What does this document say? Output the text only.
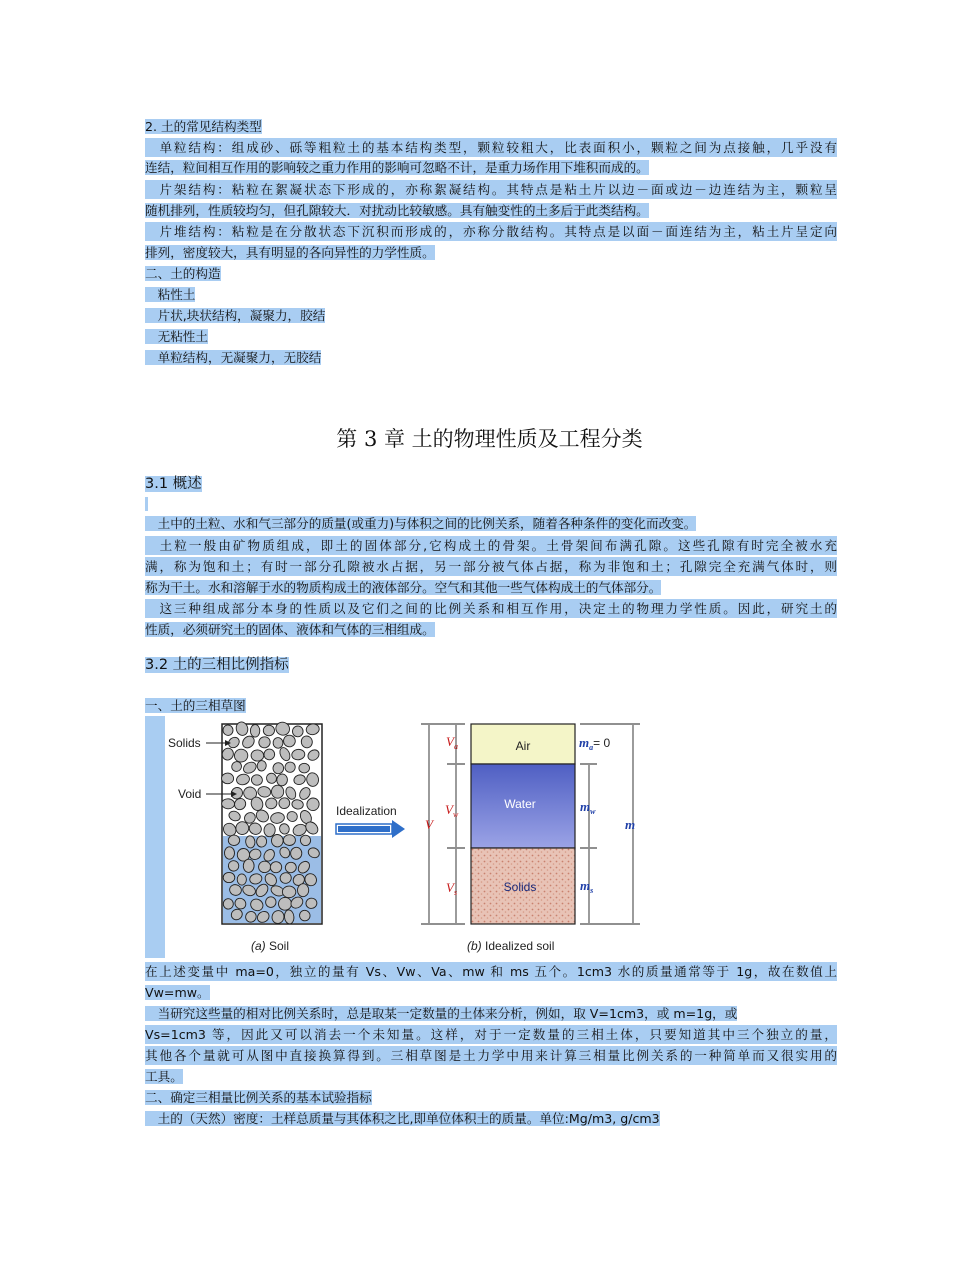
2. 土的常见结构类型
　单粒结构：组成砂、砾等粗粒土的基本结构类型，颗粒较粗大，比表面积小，颗粒之间为点接触，几乎没有
连结，粒间相互作用的影响较之重力作用的影响可忽略不计，是重力场作用下堆积而成的。
　片架结构：粘粒在絮凝状态下形成的，亦称絮凝结构。其特点是粘土片以边－面或边－边连结为主，颗粒呈
随机排列，性质较均匀，但孔隙较大．对扰动比较敏感。具有触变性的土多后于此类结构。
　片堆结构：粘粒是在分散状态下沉积而形成的，亦称分散结构。其特点是以面－面连结为主，粘土片呈定向
排列，密度较大，具有明显的各向异性的力学性质。
二、土的构造
　粘性土
　片状,块状结构，凝聚力，胶结
　无粘性土
　单粒结构，无凝聚力，无胶结
第 3 章 土的物理性质及工程分类
3.1 概述
　土中的土粒、水和气三部分的质量(或重力)与体积之间的比例关系，随着各种条件的变化而改变。
　土粒一般由矿物质组成，即土的固体部分,它构成土的骨架。土骨架间布满孔隙。这些孔隙有时完全被水充
满，称为饱和土；有时一部分孔隙被水占据，另一部分被气体占据，称为非饱和土；孔隙完全充满气体时，则
称为干土。水和溶解于水的物质构成土的液体部分。空气和其他一些气体构成土的气体部分。
　这三种组成部分本身的性质以及它们之间的比例关系和相互作用，决定土的物理力学性质。因此，研究土的
性质，必须研究土的固体、液体和气体的三相组成。
3.2 土的三相比例指标
一、土的三相草图
Solids
Void
Idealization
Air
Water
Solids
$V_a$
$V_w$
$V_s$
V
$m_a= 0$
$m_w$
$m_s$
m
(a) Soil	(b) Idealized soil
在上述变量中 ma=0，独立的量有 Vs、Vw、Va、mw 和 ms 五个。1cm3 水的质量通常等于 1g，故在数值上
Vw=mw。
　当研究这些量的相对比例关系时，总是取某一定数量的土体来分析，例如，取 V=1cm3，或 m=1g，或
Vs=1cm3 等，因此又可以消去一个未知量。这样，对于一定数量的三相土体，只要知道其中三个独立的量，
其他各个量就可从图中直接换算得到。三相草图是土力学中用来计算三相量比例关系的一种简单而又很实用的
工具。
二、确定三相量比例关系的基本试验指标
　土的（天然）密度：土样总质量与其体积之比,即单位体积土的质量。单位:Mg/m3, g/cm3
